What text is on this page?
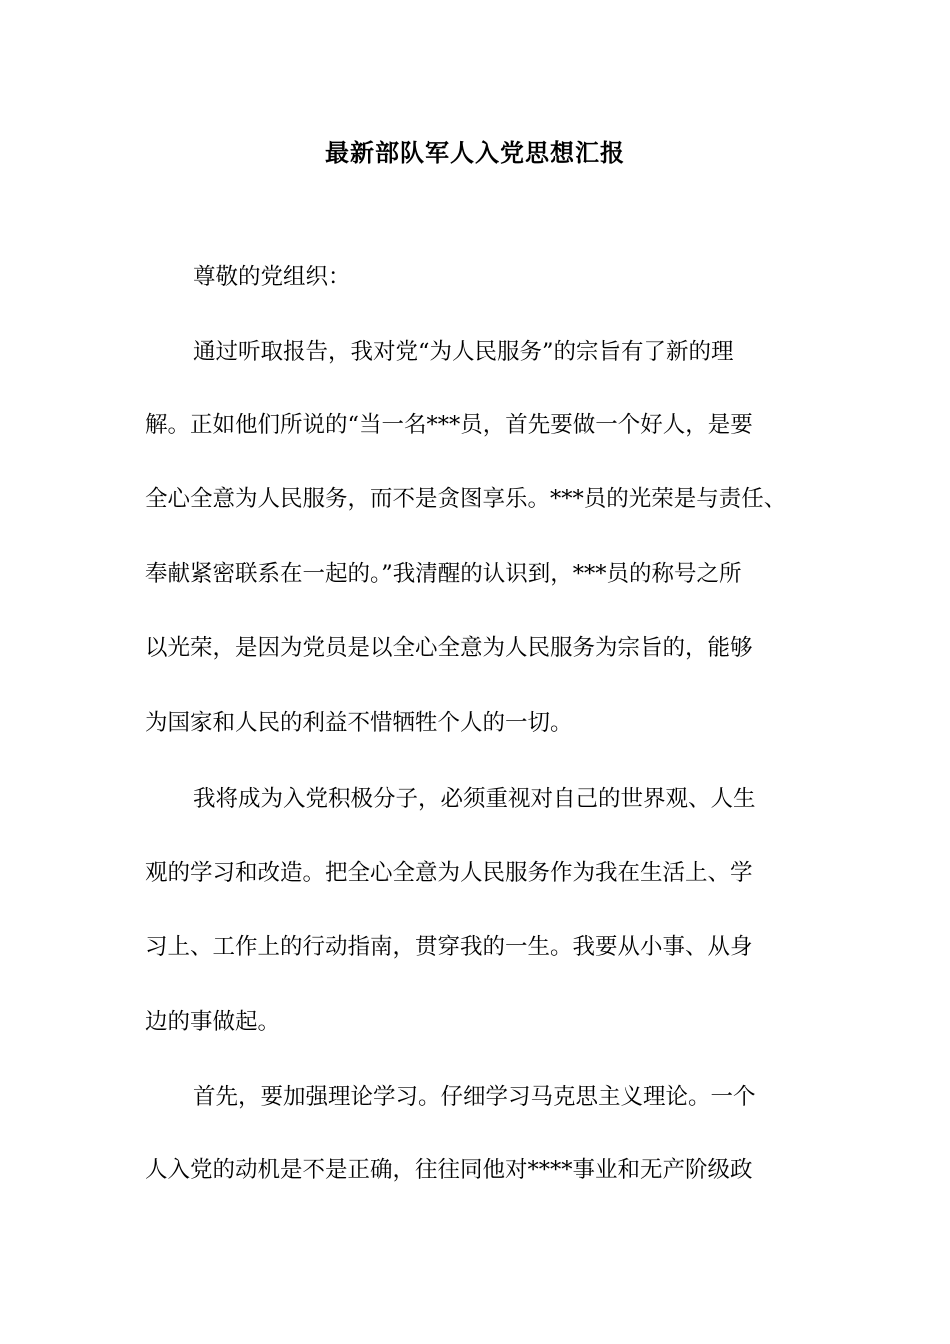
最新部队军人入党思想汇报
尊敬的党组织：
通过听取报告，我对党“为人民服务”的宗旨有了新的理
解。正如他们所说的“当一名***员，首先要做一个好人，是要
全心全意为人民服务，而不是贪图享乐。***员的光荣是与责任、
奉献紧密联系在一起的。”我清醒的认识到，***员的称号之所
以光荣，是因为党员是以全心全意为人民服务为宗旨的，能够
为国家和人民的利益不惜牺牲个人的一切。
我将成为入党积极分子，必须重视对自己的世界观、人生
观的学习和改造。把全心全意为人民服务作为我在生活上、学
习上、工作上的行动指南，贯穿我的一生。我要从小事、从身
边的事做起。
首先，要加强理论学习。仔细学习马克思主义理论。一个
人入党的动机是不是正确，往往同他对****事业和无产阶级政
